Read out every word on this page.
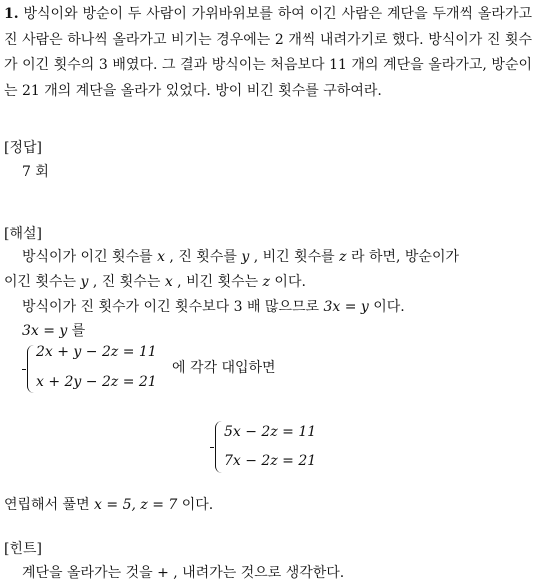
1. 방식이와 방순이 두 사람이 가위바위보를 하여 이긴 사람은 계단을 두개씩 올라가고 진 사람은 하나씩 올라가고 비기는 경우에는 2 개씩 내려가기로 했다. 방식이가 진 횟수가 이긴 횟수의 3 배였다. 그 결과 방식이는 처음보다 11 개의 계단을 올라가고, 방순이는 21 개의 계단을 올라가 있었다. 방이 비긴 횟수를 구하여라.
[정답]
7 회
[해설]
방식이가 이긴 횟수를 x , 진 횟수를 y , 비긴 횟수를 z 라 하면, 방순이가
이긴 횟수는 y , 진 횟수는 x , 비긴 횟수는 z 이다.
방식이가 진 횟수가 이긴 횟수보다 3 배 많으므로 3x = y 이다.
3x = y 를
2x + y − 2z = 11
x + 2y − 2z = 21
에 각각 대입하면
5x − 2z = 11
7x − 2z = 21
연립해서 풀면 x = 5, z = 7 이다.
[힌트]
계단을 올라가는 것을 + , 내려가는 것으로 생각한다.
